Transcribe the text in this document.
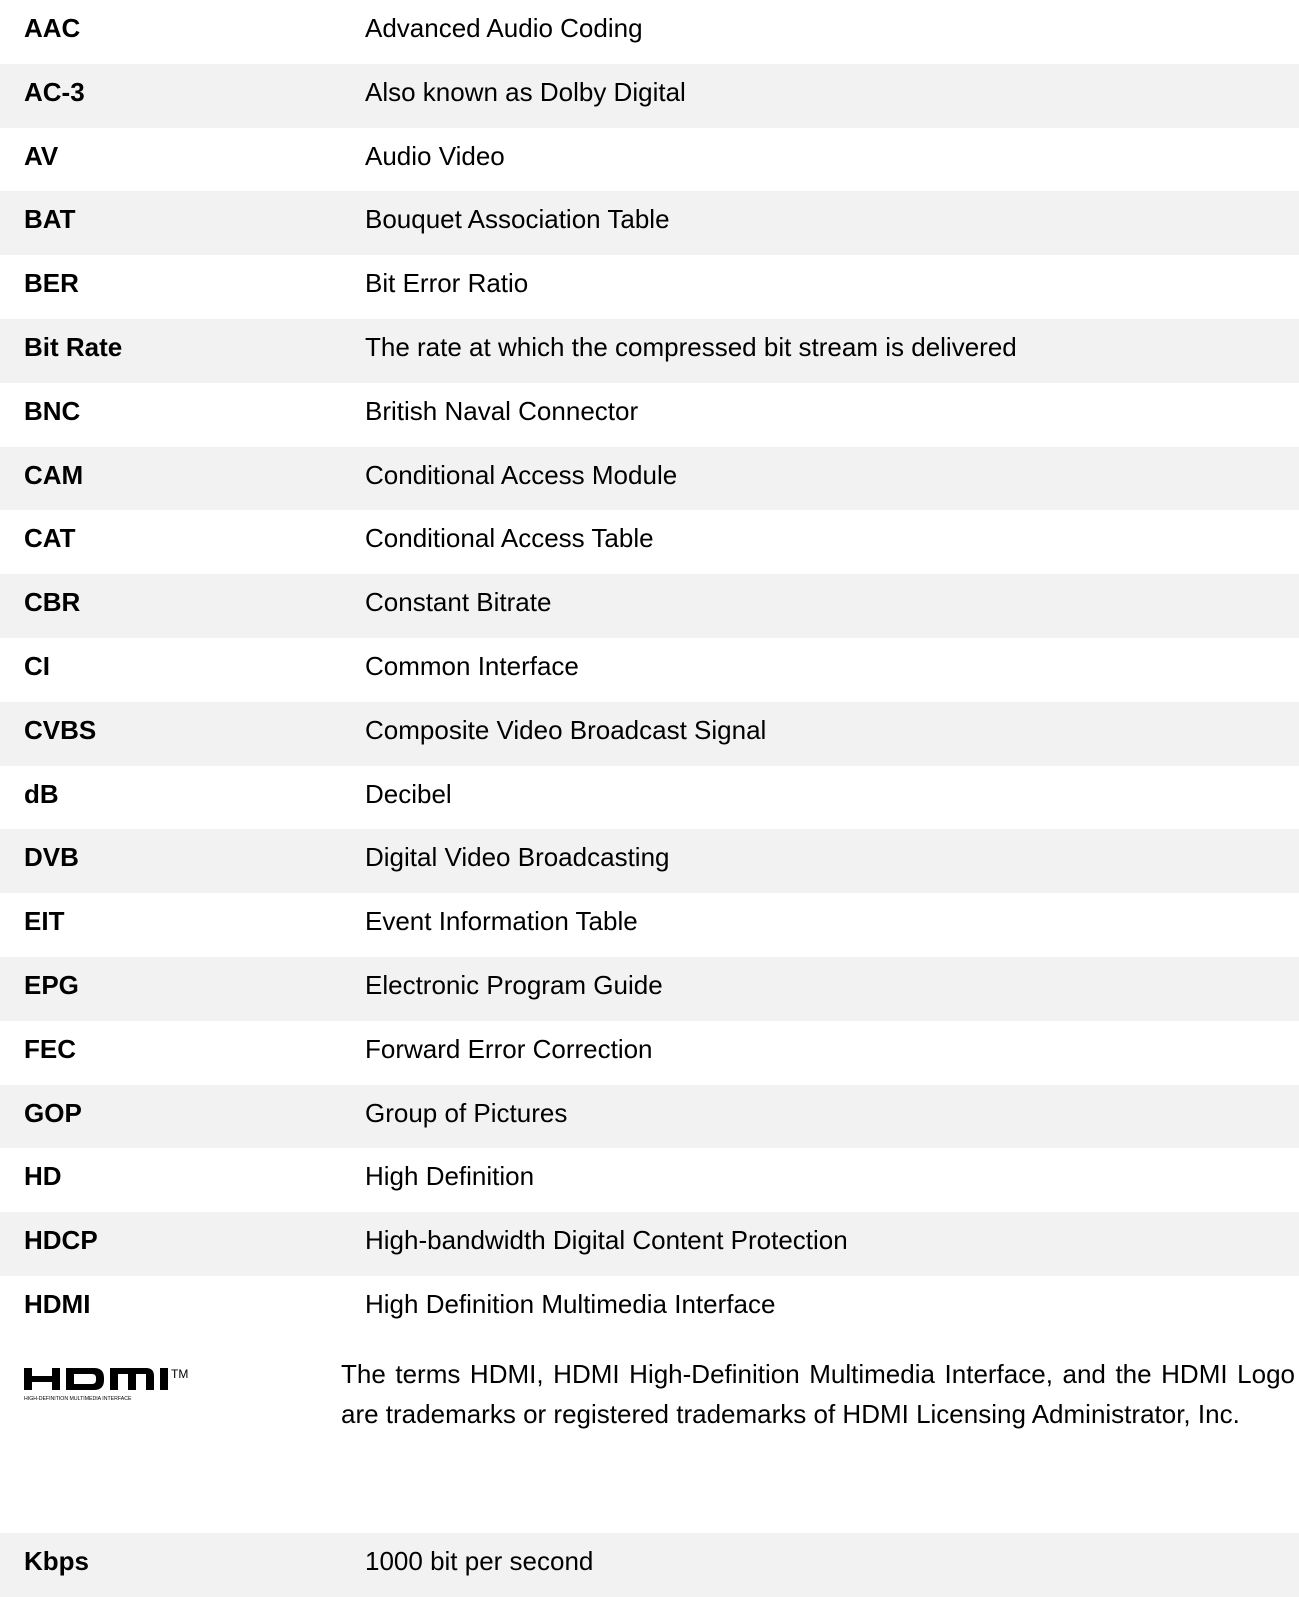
AAC	Advanced Audio Coding
AC-3	Also known as Dolby Digital
AV	Audio Video
BAT	Bouquet Association Table
BER	Bit Error Ratio
Bit Rate	The rate at which the compressed bit stream is delivered
BNC	British Naval Connector
CAM	Conditional Access Module
CAT	Conditional Access Table
CBR	Constant Bitrate
CI	Common Interface
CVBS	Composite Video Broadcast Signal
dB	Decibel
DVB	Digital Video Broadcasting
EIT	Event Information Table
EPG	Electronic Program Guide
FEC	Forward Error Correction
GOP	Group of Pictures
HD	High Definition
HDCP	High-bandwidth Digital Content Protection
HDMI	High Definition Multimedia Interface
TM
HIGH-DEFINITION MULTIMEDIA INTERFACE
The terms HDMI, HDMI High-Definition Multimedia Interface, and the HDMI Logo are trademarks or registered trademarks of HDMI Licensing Administrator, Inc.
Kbps	1000 bit per second
